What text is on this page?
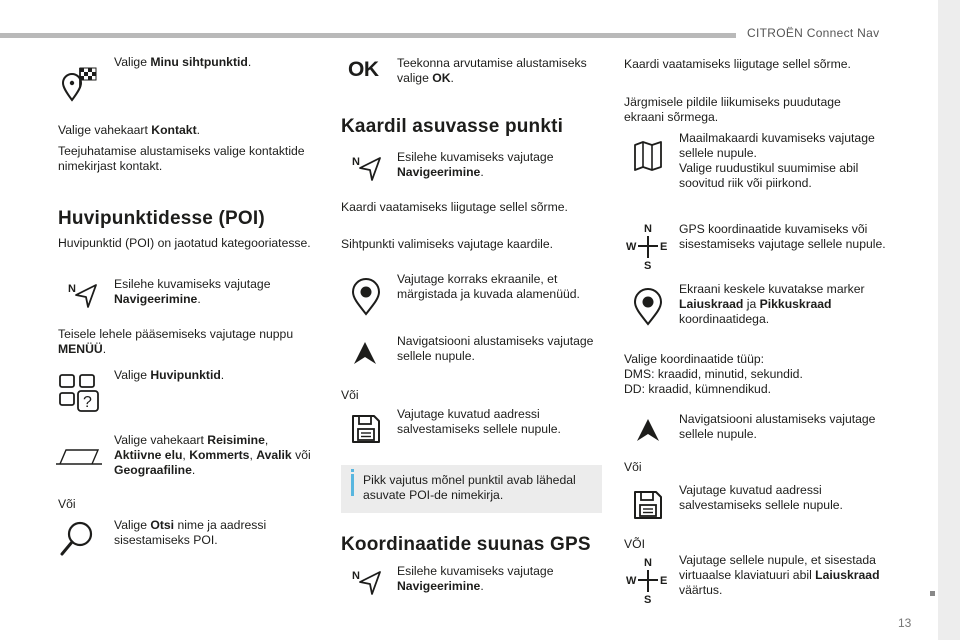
CITROËN Connect Nav
13
Valige Minu sihtpunktid.
Valige vahekaart Kontakt.
Teejuhatamise alustamiseks valige kontaktide nimekirjast kontakt.
Huvipunktidesse (POI)
Huvipunktid (POI) on jaotatud kategooriatesse.
N	Esilehe kuvamiseks vajutage
Navigeerimine.
Teisele lehele pääsemiseks vajutage nuppu
MENÜÜ.
?
Valige Huvipunktid.
Valige vahekaart Reisimine,
Aktiivne elu, Kommerts, Avalik või
Geograafiline.
Või
Valige Otsi nime ja aadressi sisestamiseks POI.
OK Teekonna arvutamise alustamiseks valige OK.
Kaardil asuvasse punkti
N	Esilehe kuvamiseks vajutage
Navigeerimine.
Kaardi vaatamiseks liigutage sellel sõrme.
Sihtpunkti valimiseks vajutage kaardile.
Vajutage korraks ekraanile, et märgistada ja kuvada alamenüüd.
Navigatsiooni alustamiseks vajutage sellele nupule.
Või
Vajutage kuvatud aadressi salvestamiseks sellele nupule.
Pikk vajutus mõnel punktil avab lähedal asuvate POI-de nimekirja.
Koordinaatide suunas GPS
N	Esilehe kuvamiseks vajutage
Navigeerimine.
Kaardi vaatamiseks liigutage sellel sõrme.
Järgmisele pildile liikumiseks puudutage ekraani sõrmega.
Maailmakaardi kuvamiseks vajutage sellele nupule.
Valige ruudustikul suumimise abil soovitud riik või piirkond.
N
W E
S
GPS koordinaatide kuvamiseks või sisestamiseks vajutage sellele nupule.
Ekraani keskele kuvatakse marker Laiuskraad ja Pikkuskraad koordinaatidega.
Valige koordinaatide tüüp:
DMS: kraadid, minutid, sekundid.
DD: kraadid, kümnendikud.
Navigatsiooni alustamiseks vajutage sellele nupule.
Või
Vajutage kuvatud aadressi salvestamiseks sellele nupule.
VÕI
N
W E
S
Vajutage sellele nupule, et sisestada virtuaalse klaviatuuri abil Laiuskraad väärtus.
